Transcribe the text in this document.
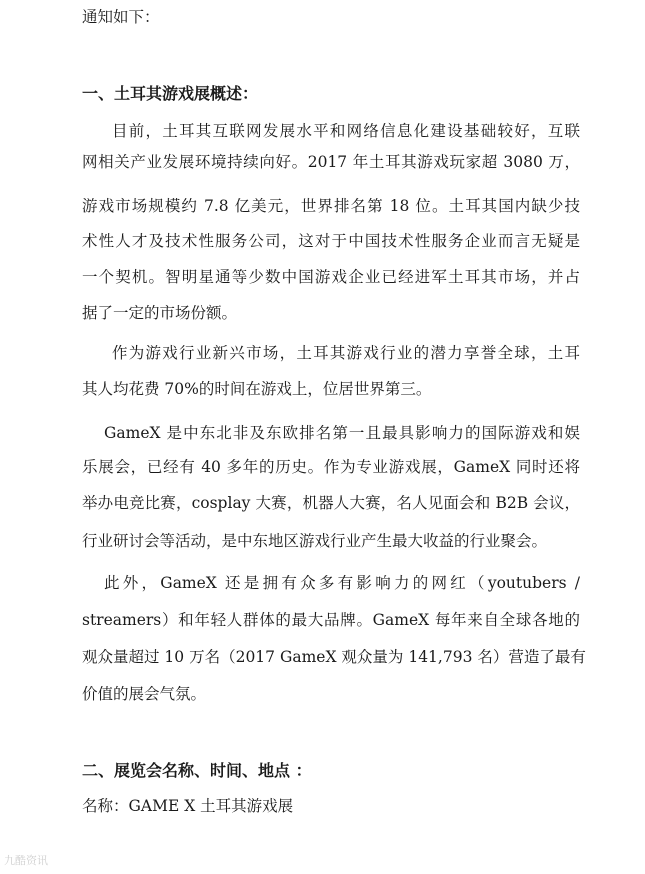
通知如下：
一、土耳其游戏展概述：
目前，土耳其互联网发展水平和网络信息化建设基础较好，互联
网相关产业发展环境持续向好。2017 年土耳其游戏玩家超 3080 万，
游戏市场规模约 7.8 亿美元，世界排名第 18 位。土耳其国内缺少技
术性人才及技术性服务公司，这对于中国技术性服务企业而言无疑是
一个契机。智明星通等少数中国游戏企业已经进军土耳其市场，并占
据了一定的市场份额。
作为游戏行业新兴市场，土耳其游戏行业的潜力享誉全球，土耳
其人均花费 70%的时间在游戏上，位居世界第三。
GameX 是中东北非及东欧排名第一且最具影响力的国际游戏和娱
乐展会，已经有 40 多年的历史。作为专业游戏展，GameX 同时还将
举办电竞比赛，cosplay 大赛，机器人大赛，名人见面会和 B2B 会议，
行业研讨会等活动，是中东地区游戏行业产生最大收益的行业聚会。
此外，GameX 还是拥有众多有影响力的网红（youtubers /
streamers）和年轻人群体的最大品牌。GameX 每年来自全球各地的
观众量超过 10 万名（2017 GameX 观众量为 141,793 名）营造了最有
价值的展会气氛。
二、展览会名称、时间、地点 ：
名称：GAME X 土耳其游戏展
九酷资讯
